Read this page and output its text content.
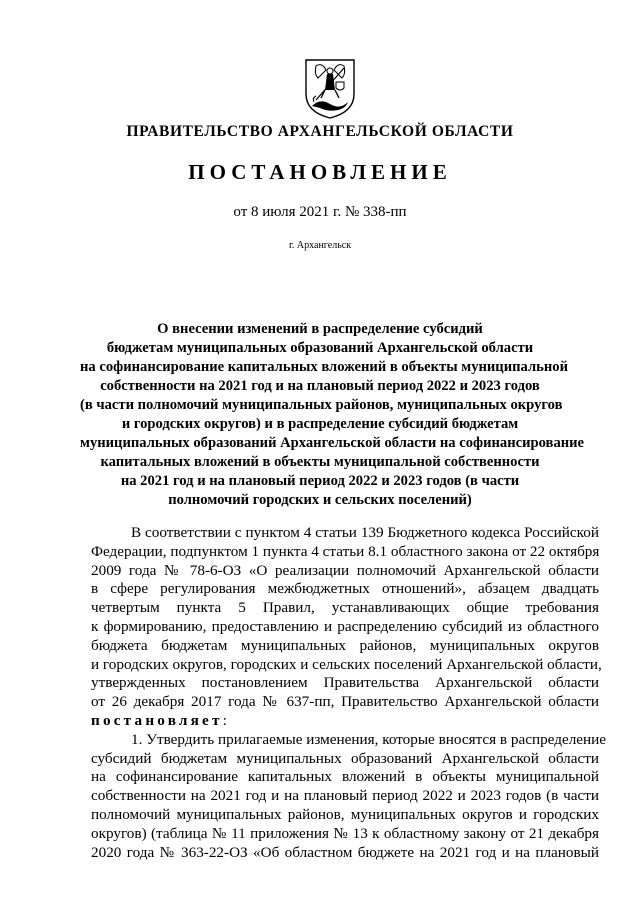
ПРАВИТЕЛЬСТВО АРХАНГЕЛЬСКОЙ ОБЛАСТИ
ПОСТАНОВЛЕНИЕ
от 8 июля 2021 г. № 338-пп
г. Архангельск
О внесении изменений в распределение субсидий
бюджетам муниципальных образований Архангельской области
на софинансирование капитальных вложений в объекты муниципальной
собственности на 2021 год и на плановый период 2022 и 2023 годов
(в части полномочий муниципальных районов, муниципальных округов
и городских округов) и в распределение субсидий бюджетам
муниципальных образований Архангельской области на софинансирование
капитальных вложений в объекты муниципальной собственности
на 2021 год и на плановый период 2022 и 2023 годов (в части
полномочий городских и сельских поселений)
В соответствии с пунктом 4 статьи 139 Бюджетного кодекса Российской
Федерации, подпунктом 1 пункта 4 статьи 8.1 областного закона от 22 октября
2009 года № 78-6-ОЗ «О реализации полномочий Архангельской области
в сфере регулирования межбюджетных отношений», абзацем двадцать
четвертым пункта 5 Правил, устанавливающих общие требования
к формированию, предоставлению и распределению субсидий из областного
бюджета бюджетам муниципальных районов, муниципальных округов
и городских округов, городских и сельских поселений Архангельской области,
утвержденных постановлением Правительства Архангельской области
от 26 декабря 2017 года № 637-пп, Правительство Архангельской области
постановляет:
1. Утвердить прилагаемые изменения, которые вносятся в распределение
субсидий бюджетам муниципальных образований Архангельской области
на софинансирование капитальных вложений в объекты муниципальной
собственности на 2021 год и на плановый период 2022 и 2023 годов (в части
полномочий муниципальных районов, муниципальных округов и городских
округов) (таблица № 11 приложения № 13 к областному закону от 21 декабря
2020 года № 363-22-ОЗ «Об областном бюджете на 2021 год и на плановый
